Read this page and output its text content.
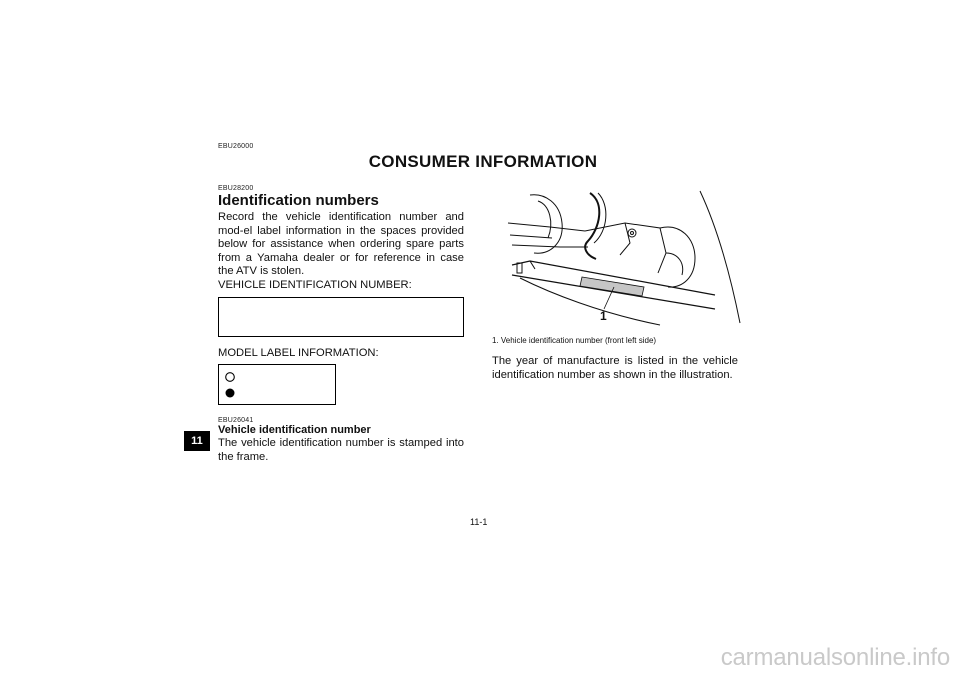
EBU26000
CONSUMER INFORMATION
EBU28200
Identification numbers
Record the vehicle identification number and mod-el label information in the spaces provided below for assistance when ordering spare parts from a Yamaha dealer or for reference in case the ATV is stolen.
VEHICLE IDENTIFICATION NUMBER:
MODEL LABEL INFORMATION:
EBU26041
Vehicle identification number
The vehicle identification number is stamped into the frame.
11
1
1. Vehicle identification number (front left side)
The year of manufacture is listed in the vehicle identification number as shown in the illustration.
11-1
carmanualsonline.info
